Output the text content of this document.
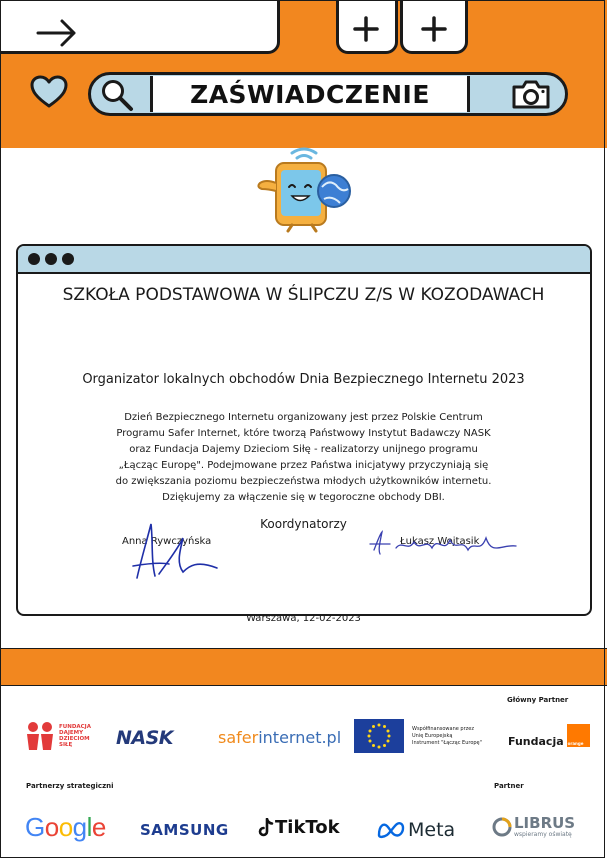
ZAŚWIADCZENIE
SZKOŁA PODSTAWOWA W ŚLIPCZU Z/S W KOZODAWACH
Organizator lokalnych obchodów Dnia Bezpiecznego Internetu 2023
Dzień Bezpiecznego Internetu organizowany jest przez Polskie Centrum
Programu Safer Internet, które tworzą Państwowy Instytut Badawczy NASK
oraz Fundacja Dajemy Dzieciom Siłę - realizatorzy unijnego programu
„Łącząc Europę". Podejmowane przez Państwa inicjatywy przyczyniają się
do zwiększania poziomu bezpieczeństwa młodych użytkowników internetu.
Dziękujemy za włączenie się w tegoroczne obchody DBI.
Koordynatorzy
Anna Rywczyńska	Łukasz Wojtasik
Warszawa, 12-02-2023
Główny Partner
Partnerzy strategiczni	Partner
FUNDACJA
DAJEMY
DZIECIOM
SIŁĘ	NASK	saferinternet.pl	Współfinansowane przez
Unię Europejską
Instrument "Łącząc Europę" Fundacja orange
Google SAMSUNG	TikTok	Meta	LIBRUS
wspieramy oświatę
